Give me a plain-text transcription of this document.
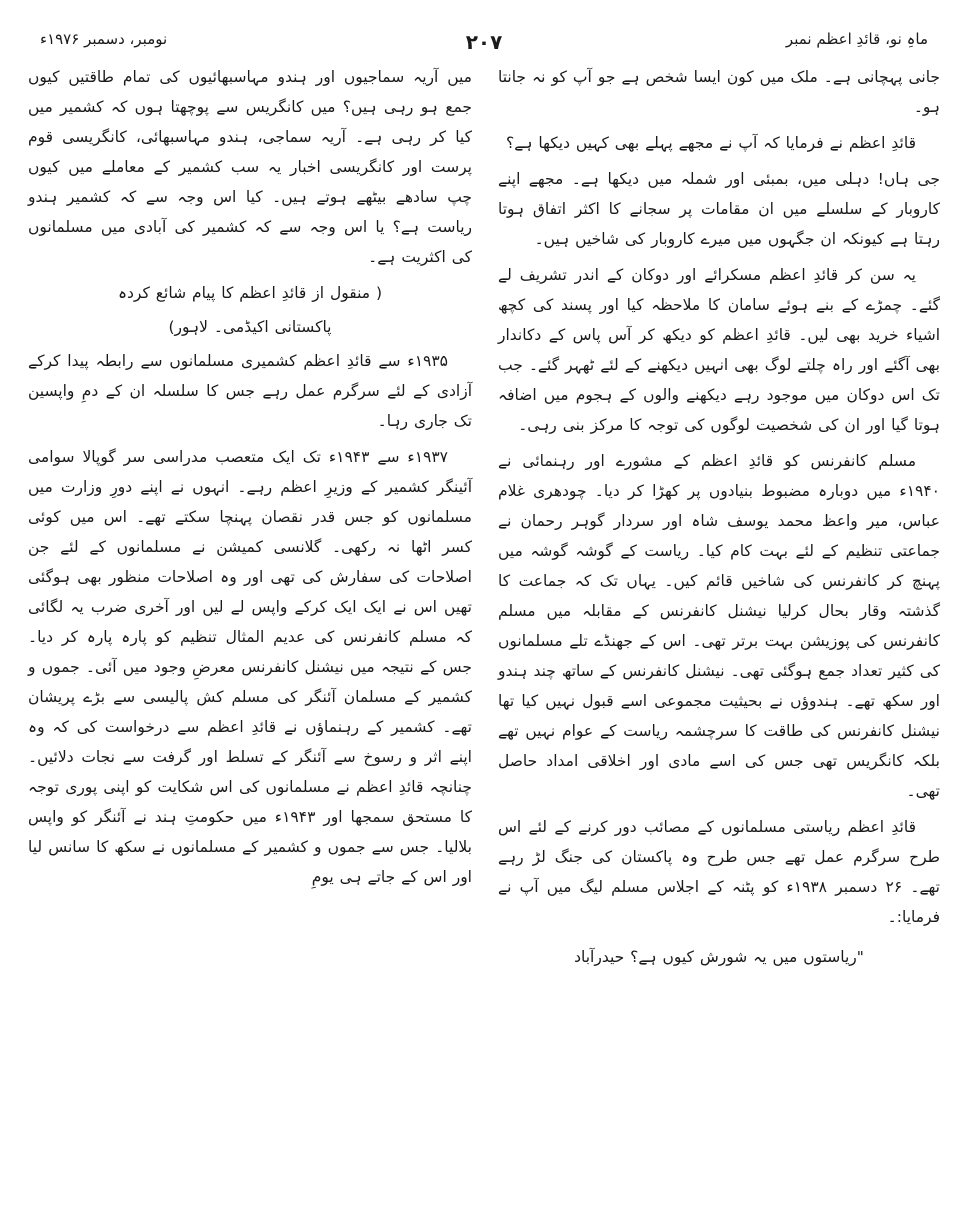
ماہِ نو، قائدِ اعظم نمبر
۲۰۷
نومبر، دسمبر ۱۹۷۶ء

جانی پہچانی ہے۔ ملک میں کون ایسا شخص ہے جو آپ کو نہ جانتا ہو۔

قائدِ اعظم نے فرمایا کہ آپ نے مجھے پہلے بھی کہیں دیکھا ہے؟

جی ہاں! دہلی میں، بمبئی اور شملہ میں دیکھا ہے۔ مجھے اپنے کاروبار کے سلسلے میں ان مقامات پر سجانے کا اکثر اتفاق ہوتا رہتا ہے کیونکہ ان جگہوں میں میرے کاروبار کی شاخیں ہیں۔

یہ سن کر قائدِ اعظم مسکرائے اور دوکان کے اندر تشریف لے گئے۔ چمڑے کے بنے ہوئے سامان کا ملاحظہ کیا اور پسند کی کچھ اشیاء خرید بھی لیں۔ قائدِ اعظم کو دیکھ کر آس پاس کے دکاندار بھی آگئے اور راہ چلتے لوگ بھی انہیں دیکھنے کے لئے ٹھہر گئے۔ جب تک اس دوکان میں موجود رہے دیکھنے والوں کے ہجوم میں اضافہ ہوتا گیا اور ان کی شخصیت لوگوں کی توجہ کا مرکز بنی رہی۔

مسلم کانفرنس کو قائدِ اعظم کے مشورے اور رہنمائی نے ۱۹۴۰ء میں دوبارہ مضبوط بنیادوں پر کھڑا کر دیا۔ چودھری غلام عباس، میر واعظ محمد یوسف شاہ اور سردار گوہر رحمان نے جماعتی تنظیم کے لئے بہت کام کیا۔ ریاست کے گوشہ گوشہ میں پہنچ کر کانفرنس کی شاخیں قائم کیں۔ یہاں تک کہ جماعت کا گذشتہ وقار بحال کرلیا نیشنل کانفرنس کے مقابلہ میں مسلم کانفرنس کی پوزیشن بہت برتر تھی۔ اس کے جھنڈے تلے مسلمانوں کی کثیر تعداد جمع ہوگئی تھی۔ نیشنل کانفرنس کے ساتھ چند ہندو اور سکھ تھے۔ ہندوؤں نے بحیثیت مجموعی اسے قبول نہیں کیا تھا نیشنل کانفرنس کی طاقت کا سرچشمہ ریاست کے عوام نہیں تھے بلکہ کانگریس تھی جس کی اسے مادی اور اخلاقی امداد حاصل تھی۔

قائدِ اعظم ریاستی مسلمانوں کے مصائب دور کرنے کے لئے اس طرح سرگرم عمل تھے جس طرح وہ پاکستان کی جنگ لڑ رہے تھے۔ ۲۶ دسمبر ۱۹۳۸ء کو پٹنہ کے اجلاس مسلم لیگ میں آپ نے فرمایا:۔

"ریاستوں میں یہ شورش کیوں ہے؟ حیدرآباد

میں آریہ سماجیوں اور ہندو مہاسبھائیوں کی تمام طاقتیں کیوں جمع ہو رہی ہیں؟ میں کانگریس سے پوچھتا ہوں کہ کشمیر میں کیا کر رہی ہے۔ آریہ سماجی، ہندو مہاسبھائی، کانگریسی قوم پرست اور کانگریسی اخبار یہ سب کشمیر کے معاملے میں کیوں چپ سادھے بیٹھے ہوتے ہیں۔ کیا اس وجہ سے کہ کشمیر ہندو ریاست ہے؟ یا اس وجہ سے کہ کشمیر کی آبادی میں مسلمانوں کی اکثریت ہے۔

( منقول از قائدِ اعظم کا پیام شائع کردہ

پاکستانی اکیڈمی۔ لاہور)

۱۹۳۵ء سے قائدِ اعظم کشمیری مسلمانوں سے رابطہ پیدا کرکے آزادی کے لئے سرگرم عمل رہے جس کا سلسلہ ان کے دمِ واپسین تک جاری رہا۔

۱۹۳۷ء سے ۱۹۴۳ء تک ایک متعصب مدراسی سر گوپالا سوامی آئینگر کشمیر کے وزیرِ اعظم رہے۔ انہوں نے اپنے دورِ وزارت میں مسلمانوں کو جس قدر نقصان پہنچا سکتے تھے۔ اس میں کوئی کسر اٹھا نہ رکھی۔ گلانسی کمیشن نے مسلمانوں کے لئے جن اصلاحات کی سفارش کی تھی اور وہ اصلاحات منظور بھی ہوگئی تھیں اس نے ایک ایک کرکے واپس لے لیں اور آخری ضرب یہ لگائی کہ مسلم کانفرنس کی عدیم المثال تنظیم کو پارہ پارہ کر دیا۔ جس کے نتیجہ میں نیشنل کانفرنس معرضِ وجود میں آئی۔ جموں و کشمیر کے مسلمان آئنگر کی مسلم کش پالیسی سے بڑے پریشان تھے۔ کشمیر کے رہنماؤں نے قائدِ اعظم سے درخواست کی کہ وہ اپنے اثر و رسوخ سے آئنگر کے تسلط اور گرفت سے نجات دلائیں۔ چنانچہ قائدِ اعظم نے مسلمانوں کی اس شکایت کو اپنی پوری توجہ کا مستحق سمجھا اور ۱۹۴۳ء میں حکومتِ ہند نے آئنگر کو واپس بلالیا۔ جس سے جموں و کشمیر کے مسلمانوں نے سکھ کا سانس لیا اور اس کے جاتے ہی یومِ
